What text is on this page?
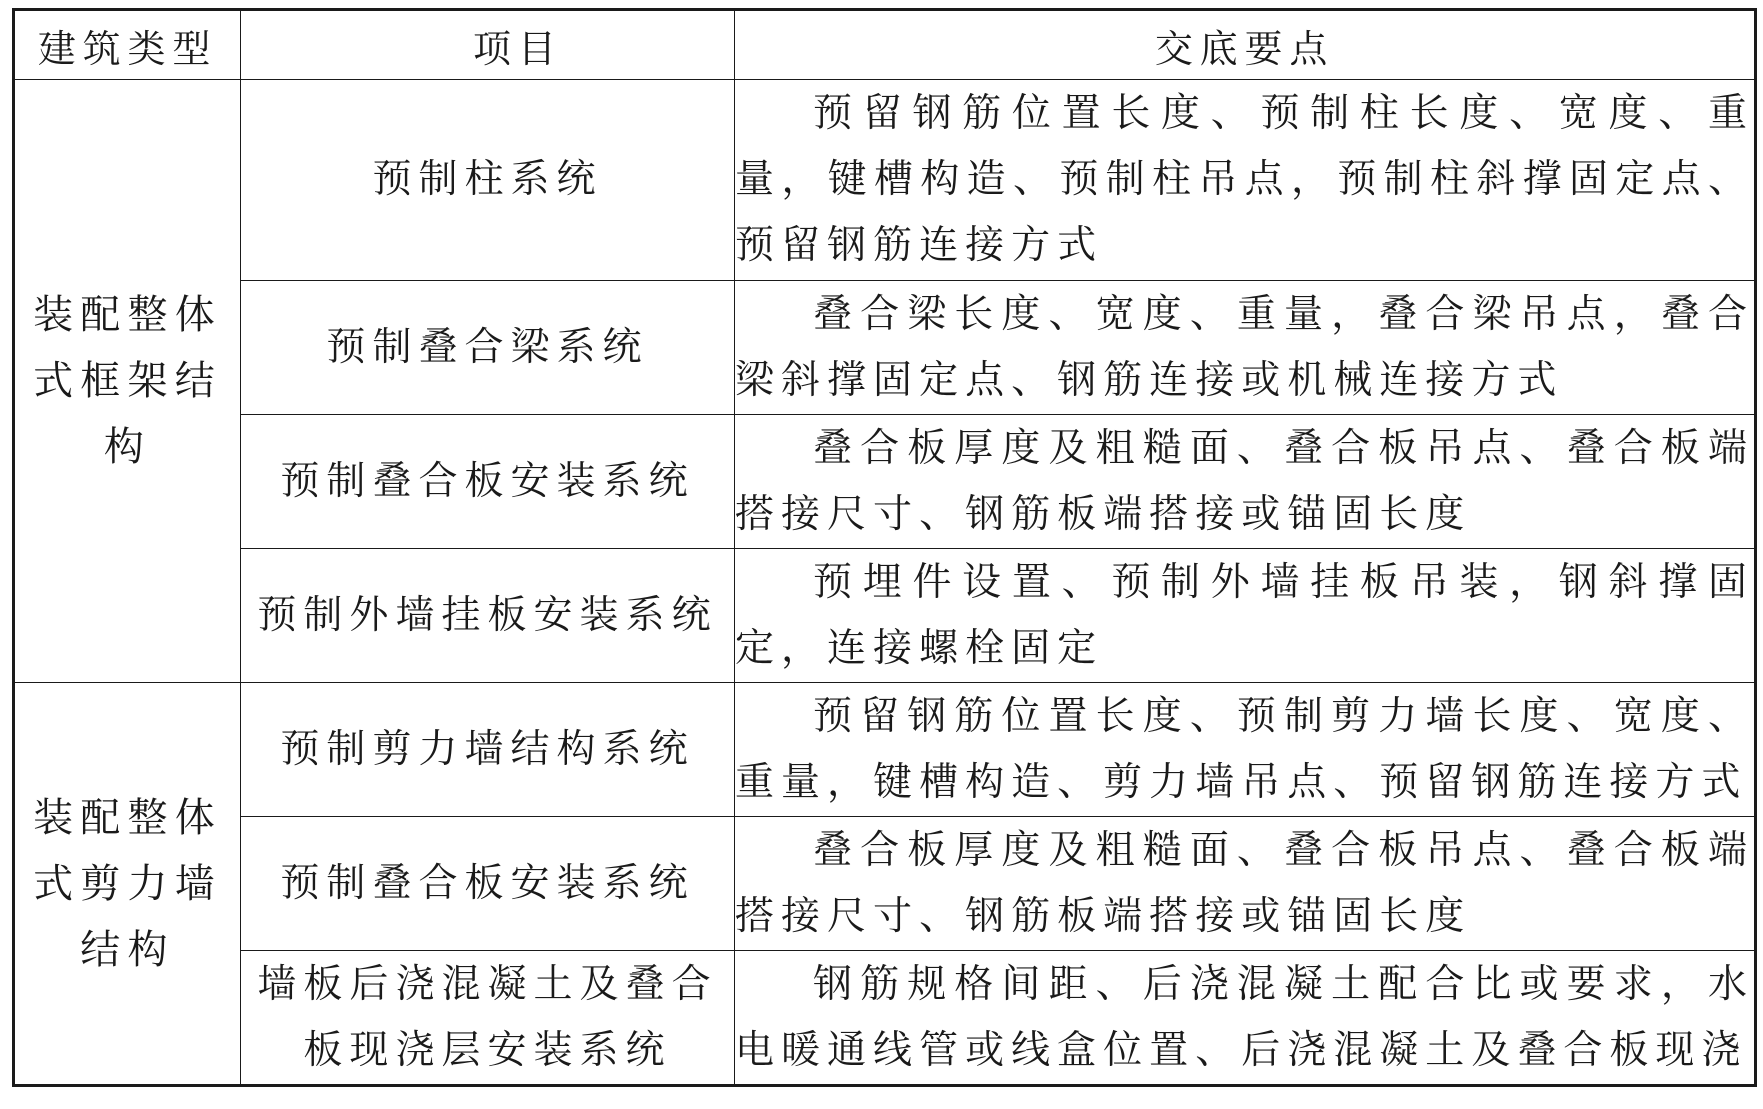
建筑类型	项目	交底要点
装配整体式框架结构	预制柱系统	预留钢筋位置长度、预制柱长度、宽度、重量，键槽构造、预制柱吊点，预制柱斜撑固定点、预留钢筋连接方式
	预制叠合梁系统	叠合梁长度、宽度、重量，叠合梁吊点，叠合梁斜撑固定点、钢筋连接或机械连接方式
	预制叠合板安装系统	叠合板厚度及粗糙面、叠合板吊点、叠合板端搭接尺寸、钢筋板端搭接或锚固长度
	预制外墙挂板安装系统	预埋件设置、预制外墙挂板吊装，钢斜撑固定，连接螺栓固定
装配整体式剪力墙结构	预制剪力墙结构系统	预留钢筋位置长度、预制剪力墙长度、宽度、重量，键槽构造、剪力墙吊点、预留钢筋连接方式
	预制叠合板安装系统	叠合板厚度及粗糙面、叠合板吊点、叠合板端搭接尺寸、钢筋板端搭接或锚固长度
	墙板后浇混凝土及叠合板现浇层安装系统	钢筋规格间距、后浇混凝土配合比或要求，水电暖通线管或线盒位置、后浇混凝土及叠合板现浇
